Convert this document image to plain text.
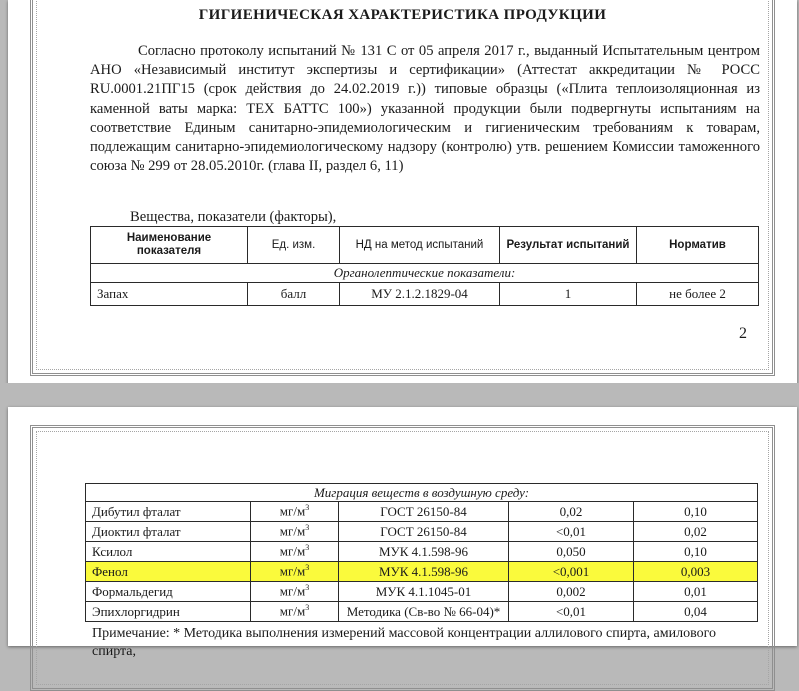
ГИГИЕНИЧЕСКАЯ ХАРАКТЕРИСТИКА ПРОДУКЦИИ
Согласно протоколу испытаний № 131 С от 05 апреля 2017 г., выданный Испытательным центром АНО «Независимый институт экспертизы и сертификации» (Аттестат аккредитации № РОСС RU.0001.21ПГ15 (срок действия до 24.02.2019 г.)) типовые образцы («Плита теплоизоляционная из каменной ваты марка: ТЕХ БАТТС 100») указанной продукции были подвергнуты испытаниям на соответствие Единым санитарно-эпидемиологическим и гигиеническим требованиям к товарам, подлежащим санитарно-эпидемиологическому надзору (контролю) утв. решением Комиссии таможенного союза № 299 от 28.05.2010г. (глава II, раздел 6, 11)
Вещества, показатели (факторы),
Наименование показателя	Ед. изм.	НД на метод испытаний	Результат испытаний	Норматив
Органолептические показатели:				
Запах	балл	МУ 2.1.2.1829-04	1	не более 2
2
Миграция веществ в воздушную среду:				
Дибутил фталат	$мг/м^3$	ГОСТ 26150-84	0,02	0,10
Диоктил фталат	$мг/м^3$	ГОСТ 26150-84	<0,01	0,02
Ксилол	$мг/м^3$	МУК 4.1.598-96	0,050	0,10
Фенол	$мг/м^3$	МУК 4.1.598-96	<0,001	0,003
Формальдегид	$мг/м^3$	МУК 4.1.1045-01	0,002	0,01
Эпихлоргидрин	$мг/м^3$	Методика (Св-во № 66-04)*	<0,01	0,04
Примечание: * Методика выполнения измерений массовой концентрации аллилового спирта, амилового спирта,
